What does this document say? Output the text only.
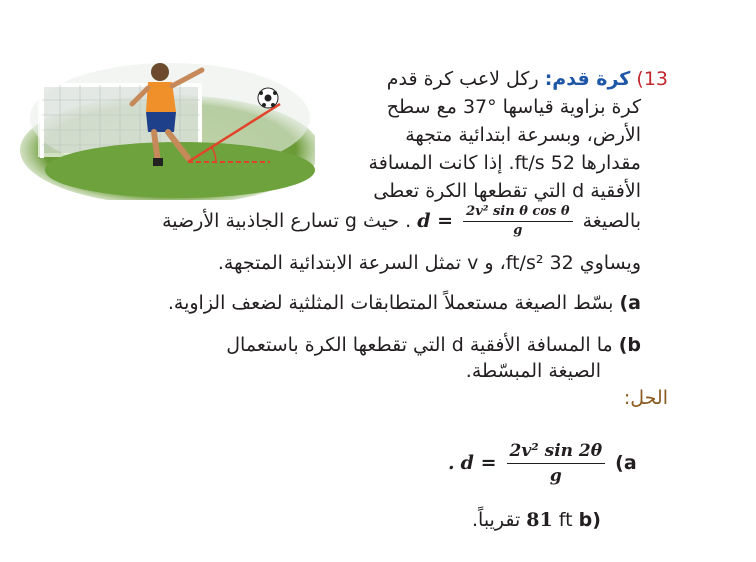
13) كرة قدم: ركل لاعب كرة قدم
كرة بزاوية قياسها °37 مع سطح
الأرض، وبسرعة ابتدائية متجهة
مقدارها 52 ft/s. إذا كانت المسافة
الأفقية d التي تقطعها الكرة تعطى
بالصيغة $d = \frac{\text{2v² sin θ cos θ}}{g}$
. حيث g تسارع الجاذبية الأرضية
ويساوي 32 ft/s²، و v تمثل السرعة الابتدائية المتجهة.
a) بسّط الصيغة مستعملاً المتطابقات المثلثية لضعف الزاوية.
b) ما المسافة الأفقية d التي تقطعها الكرة باستعمال
الصيغة المبسّطة.
الحل:
. $d = \frac{\text{2v² sin 2θ}}{g} (a$
(b 81 ft تقريباً.
